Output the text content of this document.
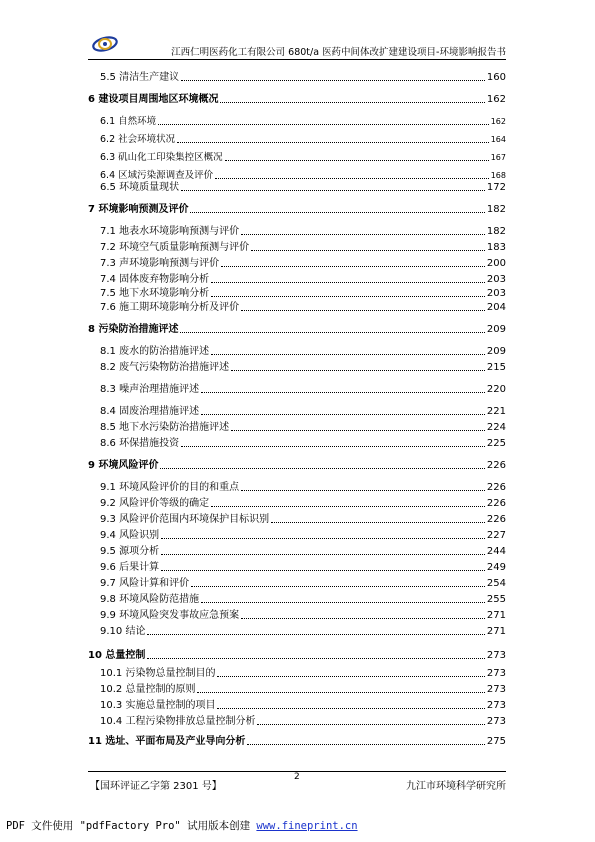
江西仁明医药化工有限公司 680t/a 医药中间体改扩建建设项目-环境影响报告书
5.5 清洁生产建议	160
6 建设项目周围地区环境概况	162
6.1 自然环境	162
6.2 社会环境状况	164
6.3 矶山化工印染集控区概况	167
6.4 区域污染源调查及评价	168
6.5 环境质量现状	172
7 环境影响预测及评价	182
7.1 地表水环境影响预测与评价	182
7.2 环境空气质量影响预测与评价	183
7.3 声环境影响预测与评价	200
7.4 固体废弃物影响分析	203
7.5 地下水环境影响分析	203
7.6 施工期环境影响分析及评价	204
8 污染防治措施评述	209
8.1 废水的防治措施评述	209
8.2 废气污染物防治措施评述	215
8.3 噪声治理措施评述	220
8.4 固废治理措施评述	221
8.5 地下水污染防治措施评述	224
8.6 环保措施投资	225
9 环境风险评价	226
9.1 环境风险评价的目的和重点	226
9.2 风险评价等级的确定	226
9.3 风险评价范围内环境保护目标识别	226
9.4 风险识别	227
9.5 源项分析	244
9.6 后果计算	249
9.7 风险计算和评价	254
9.8 环境风险防范措施	255
9.9 环境风险突发事故应急预案	271
9.10 结论	271
10 总量控制	273
10.1 污染物总量控制目的	273
10.2 总量控制的原则	273
10.3 实施总量控制的项目	273
10.4 工程污染物排放总量控制分析	273
11 选址、平面布局及产业导向分析	275
【国环评证乙字第 2301 号】
2
九江市环境科学研究所
PDF 文件使用 "pdfFactory Pro" 试用版本创建 www.fineprint.cn
